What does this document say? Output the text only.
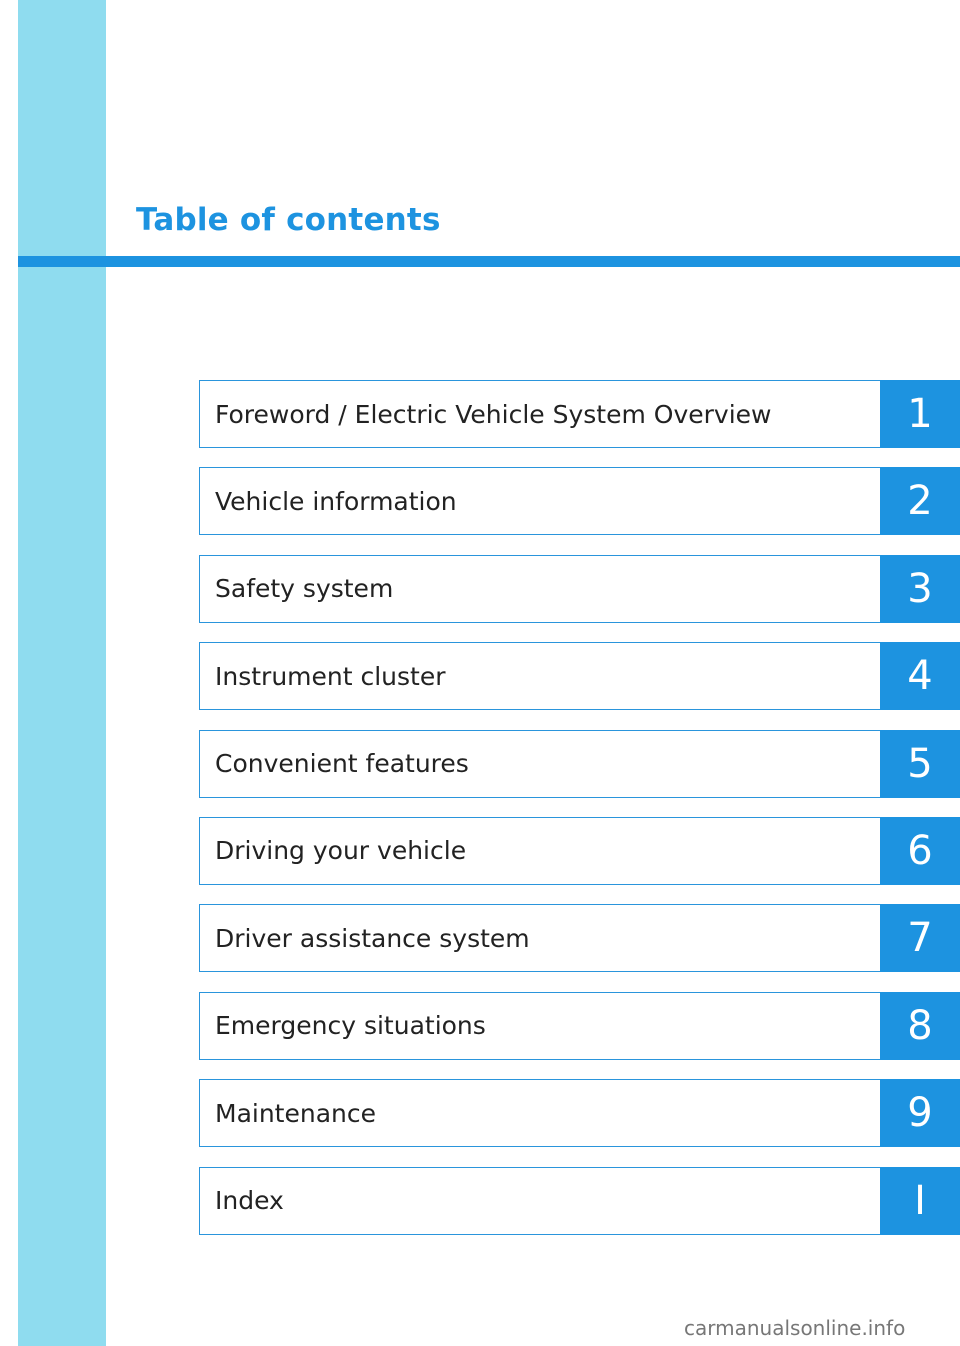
Table of contents
Foreword / Electric Vehicle System Overview	1
Vehicle information	2
Safety system	3
Instrument cluster	4
Convenient features	5
Driving your vehicle	6
Driver assistance system	7
Emergency situations	8
Maintenance	9
Index	I
carmanualsonline.info
